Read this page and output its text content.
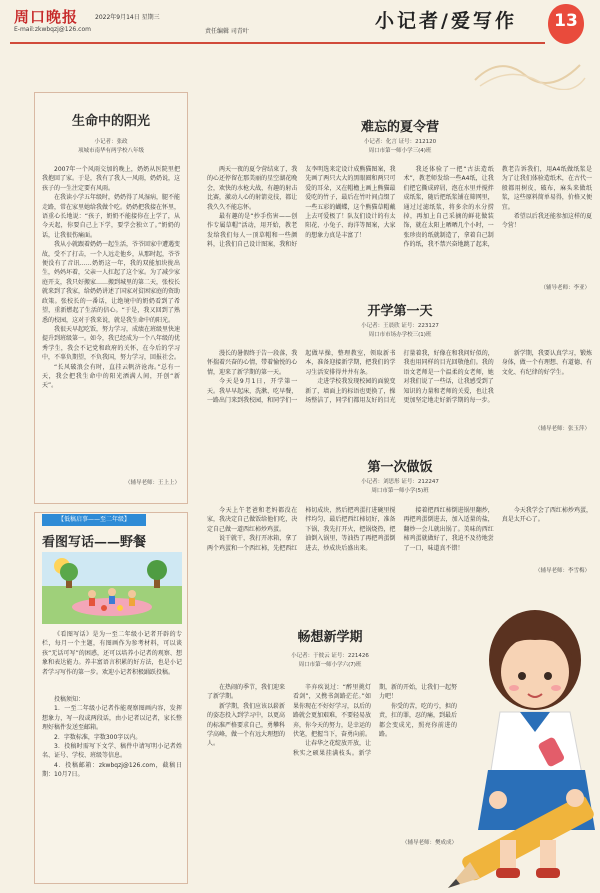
周口晚报
E-mail:zkwbqzj@126.com
2022年9月14日 星期三
责任编辑 司青叶	小记者/爱写作	13
生命中的阳光
小记者：张政
项城市南华有两学校八年级

2007年一个风雨交加的晚上，奶奶从医院里把我抱回了家。于是，我有了我人一风雨，奶奶说，这孩子的一生注定要有风雨。

在我读小学五年级时，奶奶得了风湿病，腿不能走路，常在家里她给我做个吃。奶奶把我接在怀里，语重心长地说：“孩子，奶奶不能接你在上学了，从今天起，你要自己上下学，要学会独立了。”奶奶的话，让我很伤痛面。

我从小就跟着奶奶一起生活，爷爷回家中遭遇变故，受不了打击，一个人远走他乡，从那时起，爷爷便没有了音讯……奶奶这一年，我的双能加块拢出生，妈妈坏着，父亲一人扛起了这个家。为了减少家庭开支，我只好搬家……搬到城里的第二天，张校长就来到了我家，给奶奶讲述了国家对贫困家庭的资助政策。张校长的一番话，让绝境中的奶奶看到了希望，重新燃起了生活的信心。“于是，我又回到了熟悉的校园，这对于我来说，就是我生命中的阳光。

我很天早起吃饭，努力学习，成绩在班级里快速提升到班级第一。如今，我已经成为一个八年级的优秀学生，我会不记党和政府的关怀，在今后的学习中，不辜负期望，不负我国，努力学习，回报社会。

“长风破浪会有时，直挂云帆济沧海。”总有一天，我会把我生命中的阳光洒满人间，开创“新天”。

（辅导老师：王上上）
【低稿启事——至二年级】
看图写话——野餐

《看图写话》是为一至二年级小记者开辟的专栏，每月一个主题，有图画作为参考材料，可以谈孩“无话可写”的困惑，还可以培养小记者的观察、想象和表达能力。养丰富语言积累的好方法，也是小记者学习写作的第一步。欢迎小记者积极踊跃投稿。

投稿须知：

1．一至二年级小记者作能观察图画内容，发挥想象力，写一段或两段话，由小记者以记者，家长整理好稿件发送至邮箱。

2．字数标准，字数300字以内。

3．投稿时需写下文学、稿件中请写明小记者姓名、证号、学校、班级等信息。

4．投稿邮箱：zkwbqzj@126.com，截稿日期：10月7日。

难忘的夏令营
小记者：化言 证号：212120
周口市第一师小学三(4)班

两天一夜的夏令营结束了，我的心还停留在那美丽的星空湖花晚会，欢快的水枪大战，有趣的射击比赛，激动人心的射箭竞技，都让我久久不能忘怀。

最有趣的是“抄手伤害——创作专属草帽”活动，用开始，教老发给我们每人一顶草帽和一些颜料，让我们自己设计图案，我和好友李明选来定设计成熊猫图案，我先画了两只大大的黑眼圈和两只可爱的耳朵，又在帽檐上画上熊猫最爱吃的竹子，最后在竹叶间点缀了一些五彩的蝴蝶，这个熊猫草帽戴上去可爱极了！队友们设计的有太阳花、小兔子、海洋等图案，大家的想象力真是丰富了！

我还体验了一把“古法造纸术”，教老师发给一些A4纸，让我们把它撕成碎屑，泡在水里并搅拌成纸浆，随后把纸浆铺在筛网里，通过过滤纸浆，将多余的水分捞掉，再加上自己采摘的鲜花做装饰，就在太阳上晒晒几个小时，一张珍贵的纸就制造了，拿着自己制作的纸，我不禁兴奋地跳了起来，教老告诉我们，用A4纸做纸浆是为了让我们体验造纸术，在古代一般都用树皮，破布，麻头来做纸浆，这些原料简单易得，价格又便宜。

希望以后我还能参加这样的夏令营！

（辅导老师：李亚）
开学第一天
小记者：王晨欣 证号：223127
周口市市场办学校三(1)班

漫长的暑假终于告一段落，我怀揣着兴奋的心情，带着愉悦的心情，迎来了新学期的第一天。

今天是9月1日，开学第一天。我早早起床，洗漱、吃早餐，一路出门来到我校园，和同学们一起做早操，整理教室，领取新书本，准备迎接新学期，把我们的学习生活安排得井井有条。

走进学校我发现校园的面貌变新了，墙面上的标语也更换了，操场整洁了，同学们都用友好的目光打量着我，好像在和我问好似的，我也用同样的目光回敬他们。我的语文老师是一个温柔的女老师，她对我们说了一些话，让我感受到了知识的力量和老师的关爱，也让我更加坚定地走好新学期的每一步。

新学期，我要认真学习，锻炼身体，做一个有理想、有道德、有文化、有纪律的好学生。

（辅导老师：张玉萍）
第一次做饭
小记者：刘思彤 证号：212247
周口市第一师小学(5)班

今天上午老爸和老妈都没在家，我决定自己做饭给他们吃，决定自己做一道西红柿炒鸡蛋。

说干就干，我打开冰箱，拿了两个鸡蛋和一个西红柿，先把西红柿切成块，然后把鸡蛋打进碗里搅拌均匀，最后把西红柿切好，准备下锅，我先打开火，把锅烧热，把油倒入锅里，等油热了再把鸡蛋倒进去，炒成块后盛出来。

接着把西红柿倒进锅里翻炒，再把鸡蛋倒进去，加入适量的盐，翻炒一会儿就出锅了。美味的西红柿鸡蛋就做好了，我迫不及待地尝了一口，味道真不错！

今天我学会了西红柿炒鸡蛋，真是太开心了。

（辅导老师：李雪梅）
畅想新学期
小记者：于彼云 证号：221426
周口市第一师小学六(7)班

在热闹的季节，我们迎来了新学期。

新学期，我们应该以崭新的姿态投入到学习中，以更高的标准严格要求自己，勇攀科学高峰，做一个有远大理想的人。

辛弃疾说过：“醉里挑灯看剑”，又携书剑路茫茫。”如果你现在不好好学习，以后的路就会更加艰难，不要轻易放弃，你今天的努力，是幸运的伏笔，把握当下，奋勇向前。

让春华之花绽放开放，让秋实之硕果挂满枝头。新学期，新的开始，让我们一起努力吧！

你受的苦，吃的亏，担的责，扛的罪，忍的痛，到最后都会变成光，照亮你前进的路。

（辅导老师：樊成成）
